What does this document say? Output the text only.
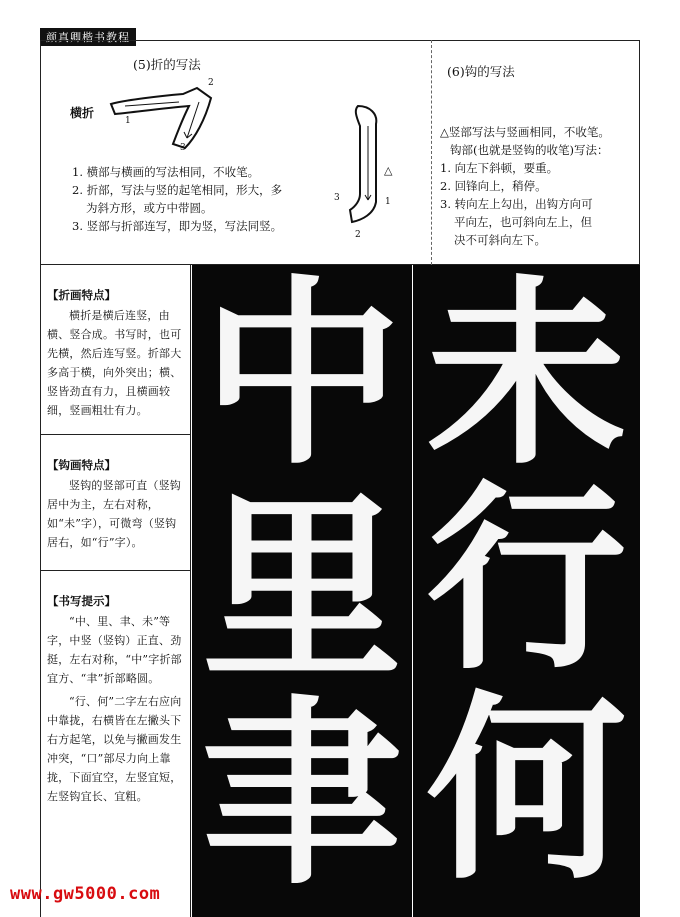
颜真卿楷书教程
(5)折的写法
横折
1
2
3
1. 横部与横画的写法相同，不收笔。
2. 折部，写法与竖的起笔相同，形大，多
为斜方形，或方中带圆。
3. 竖部与折部连写，即为竖，写法同竖。
(6)钩的写法
△
1
2
3
△竖部写法与竖画相同，不收笔。
钩部(也就是竖钩的收笔)写法：
1. 向左下斜顿，要重。
2. 回锋向上，稍停。
3. 转向左上勾出，出钩方向可
平向左，也可斜向左上，但
决不可斜向左下。
【折画特点】
横折是横后连竖，由横、竖合成。书写时，也可先横，然后连写竖。折部大多高于横，向外突出；横、竖皆劲直有力，且横画较细，竖画粗壮有力。
【钩画特点】
竖钩的竖部可直（竖钩居中为主，左右对称，如“未”字），可微弯（竖钩居右，如“行”字）。
【书写提示】
“中、里、聿、未”等字，中竖（竖钩）正直、劲挺，左右对称，“中”字折部宜方、“聿”折部略圆。
“行、何”二字左右应向中靠拢，右横皆在左撇头下右方起笔，以免与撇画发生冲突，“口”部尽力向上靠拢，下面宜空，左竖宜短，左竖钩宜长、宜粗。
中
里
聿
未
行
何
www.gw5000.com
